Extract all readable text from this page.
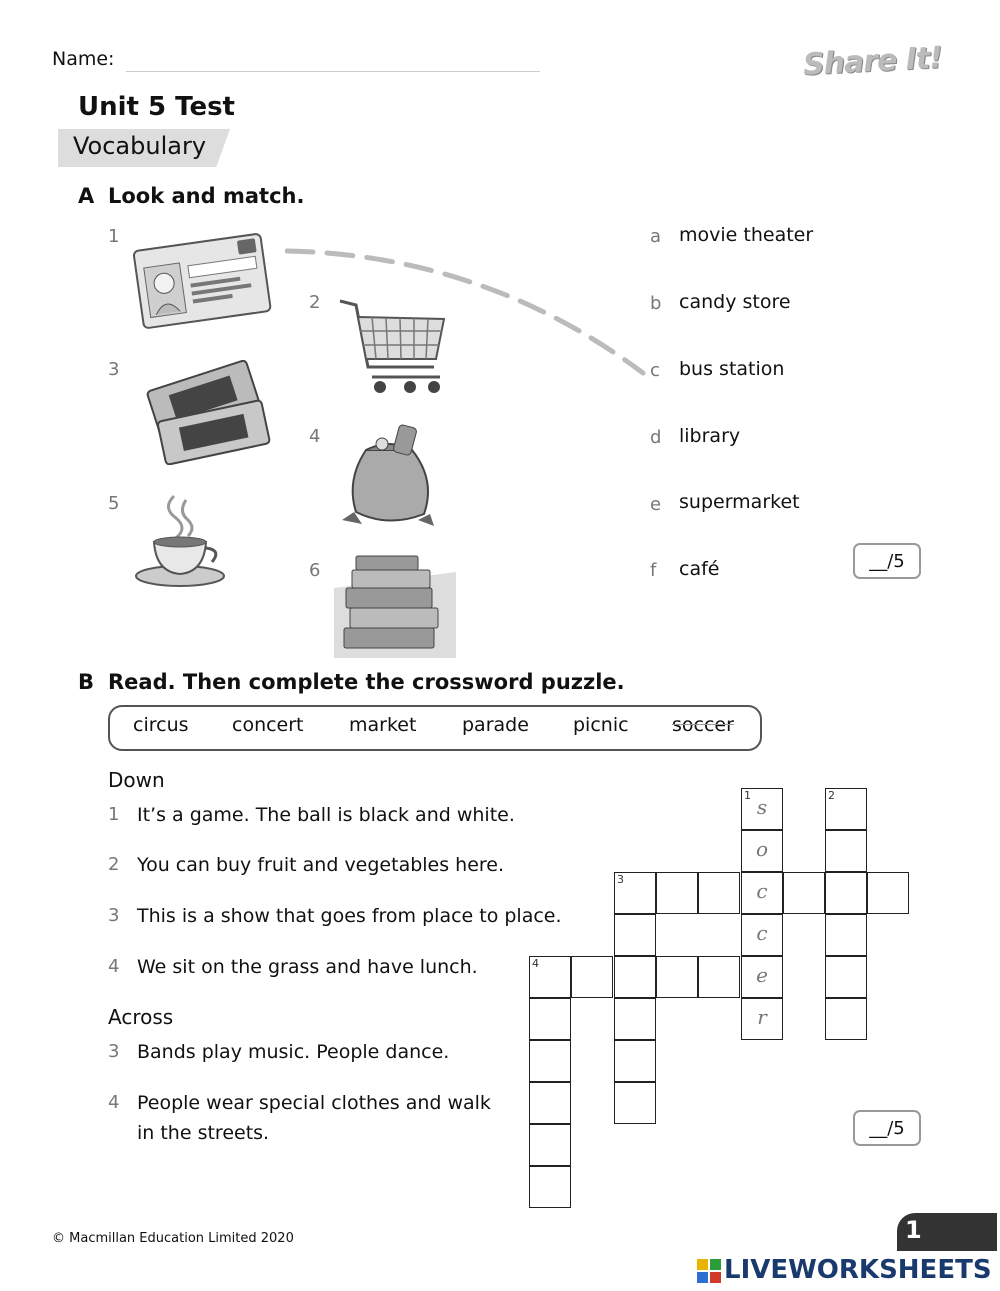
Name:	Share It!
Unit 5 Test
Vocabulary
A Look and match.
1
2
3
4
5
6
a movie theater
b candy store
c bus station
d library
e supermarket
f café	__/5
B Read. Then complete the crossword puzzle.
circus concert market parade picnic soccer
Down
1 It’s a game. The ball is black and white.
2 You can buy fruit and vegetables here.
3 This is a show that goes from place to place.
4 We sit on the grass and have lunch.
Across
3 Bands play music. People dance.
4 People wear special clothes and walk
in the streets.
1 s
o
c
c
e
r
2
3
4
__/5
© Macmillan Education Limited 2020	1
LIVEWORKSHEETS
